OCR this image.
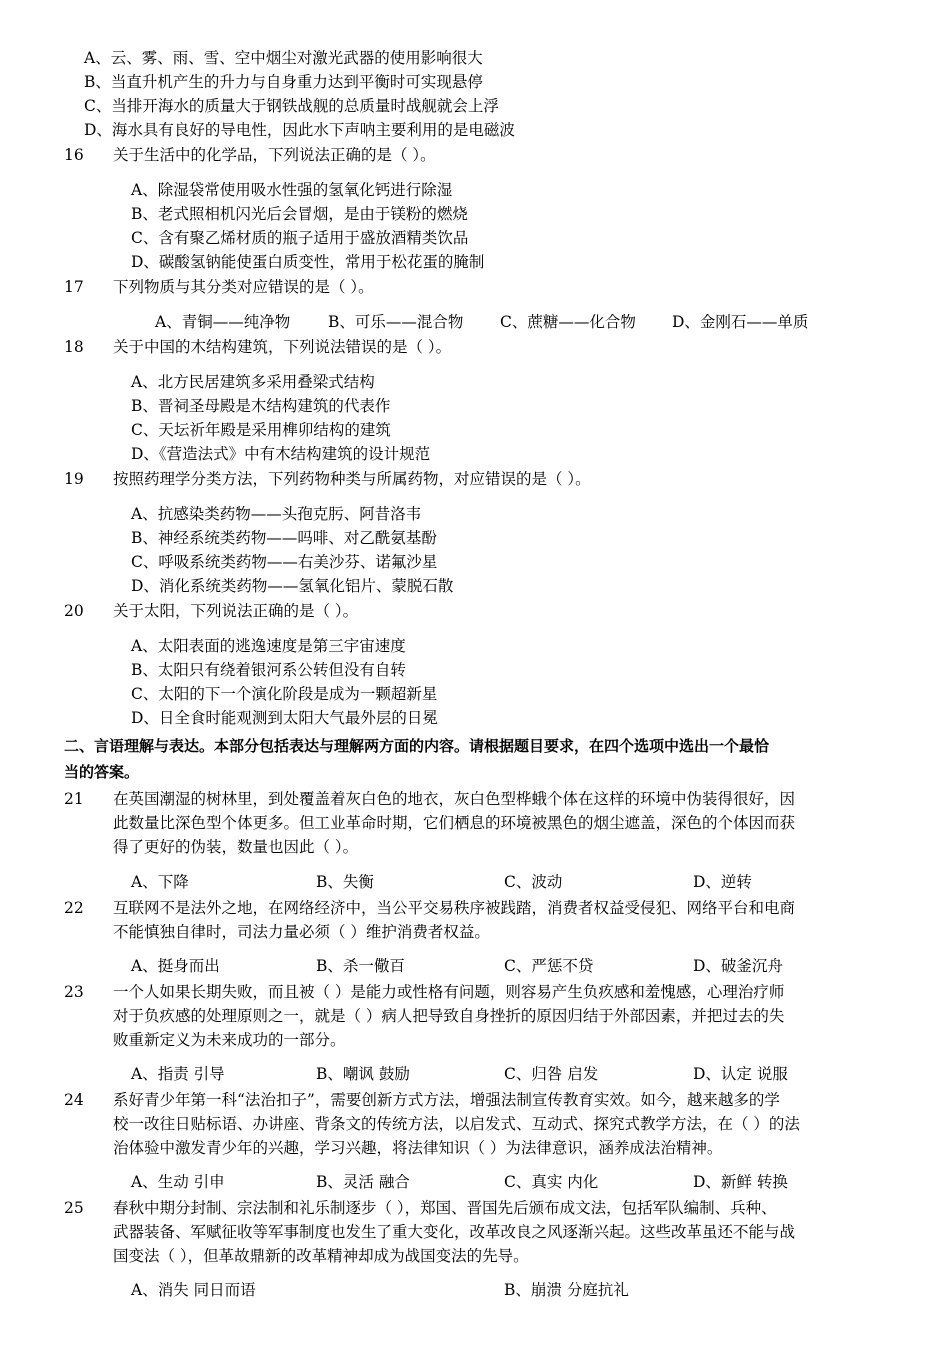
A、云、雾、雨、雪、空中烟尘对激光武器的使用影响很大
B、当直升机产生的升力与自身重力达到平衡时可实现悬停
C、当排开海水的质量大于钢铁战舰的总质量时战舰就会上浮
D、海水具有良好的导电性，因此水下声呐主要利用的是电磁波
16	关于生活中的化学品，下列说法正确的是（ ）。
A、除湿袋常使用吸水性强的氢氧化钙进行除湿
B、老式照相机闪光后会冒烟，是由于镁粉的燃烧
C、含有聚乙烯材质的瓶子适用于盛放酒精类饮品
D、碳酸氢钠能使蛋白质变性，常用于松花蛋的腌制
17	下列物质与其分类对应错误的是（ ）。
A、青铜——纯净物 B、可乐——混合物 C、蔗糖——化合物 D、金刚石——单质
18	关于中国的木结构建筑，下列说法错误的是（ ）。
A、北方民居建筑多采用叠梁式结构
B、晋祠圣母殿是木结构建筑的代表作
C、天坛祈年殿是采用榫卯结构的建筑
D、《营造法式》中有木结构建筑的设计规范
19	按照药理学分类方法，下列药物种类与所属药物，对应错误的是（ ）。
A、抗感染类药物——头孢克肟、阿昔洛韦
B、神经系统类药物——吗啡、对乙酰氨基酚
C、呼吸系统类药物——右美沙芬、诺氟沙星
D、消化系统类药物——氢氧化铝片、蒙脱石散
20	关于太阳，下列说法正确的是（ ）。
A、太阳表面的逃逸速度是第三宇宙速度
B、太阳只有绕着银河系公转但没有自转
C、太阳的下一个演化阶段是成为一颗超新星
D、日全食时能观测到太阳大气最外层的日冕
二、言语理解与表达。本部分包括表达与理解两方面的内容。请根据题目要求，在四个选项中选出一个最恰
当的答案。
21	在英国潮湿的树林里，到处覆盖着灰白色的地衣，灰白色型桦蛾个体在这样的环境中伪装得很好，因
此数量比深色型个体更多。但工业革命时期，它们栖息的环境被黑色的烟尘遮盖，深色的个体因而获
得了更好的伪装，数量也因此（ ）。
A、下降	B、失衡	C、波动	D、逆转
22	互联网不是法外之地，在网络经济中，当公平交易秩序被践踏，消费者权益受侵犯、网络平台和电商
不能慎独自律时，司法力量必须（ ）维护消费者权益。
A、挺身而出	B、杀一儆百	C、严惩不贷	D、破釜沉舟
23	一个人如果长期失败，而且被（ ）是能力或性格有问题，则容易产生负疚感和羞愧感，心理治疗师
对于负疚感的处理原则之一，就是（ ）病人把导致自身挫折的原因归结于外部因素，并把过去的失
败重新定义为未来成功的一部分。
A、指责 引导	B、嘲讽 鼓励	C、归咎 启发	D、认定 说服
24	系好青少年第一科“法治扣子”，需要创新方式方法，增强法制宣传教育实效。如今，越来越多的学
校一改往日贴标语、办讲座、背条文的传统方法，以启发式、互动式、探究式教学方法，在（ ）的法
治体验中激发青少年的兴趣，学习兴趣，将法律知识（ ）为法律意识，涵养成法治精神。
A、生动 引申	B、灵活 融合	C、真实 内化	D、新鲜 转换
25	春秋中期分封制、宗法制和礼乐制逐步（ ），郑国、晋国先后颁布成文法，包括军队编制、兵种、
武器装备、军赋征收等军事制度也发生了重大变化，改革改良之风逐渐兴起。这些改革虽还不能与战
国变法（ ），但革故鼎新的改革精神却成为战国变法的先导。
A、消失 同日而语	B、崩溃 分庭抗礼
